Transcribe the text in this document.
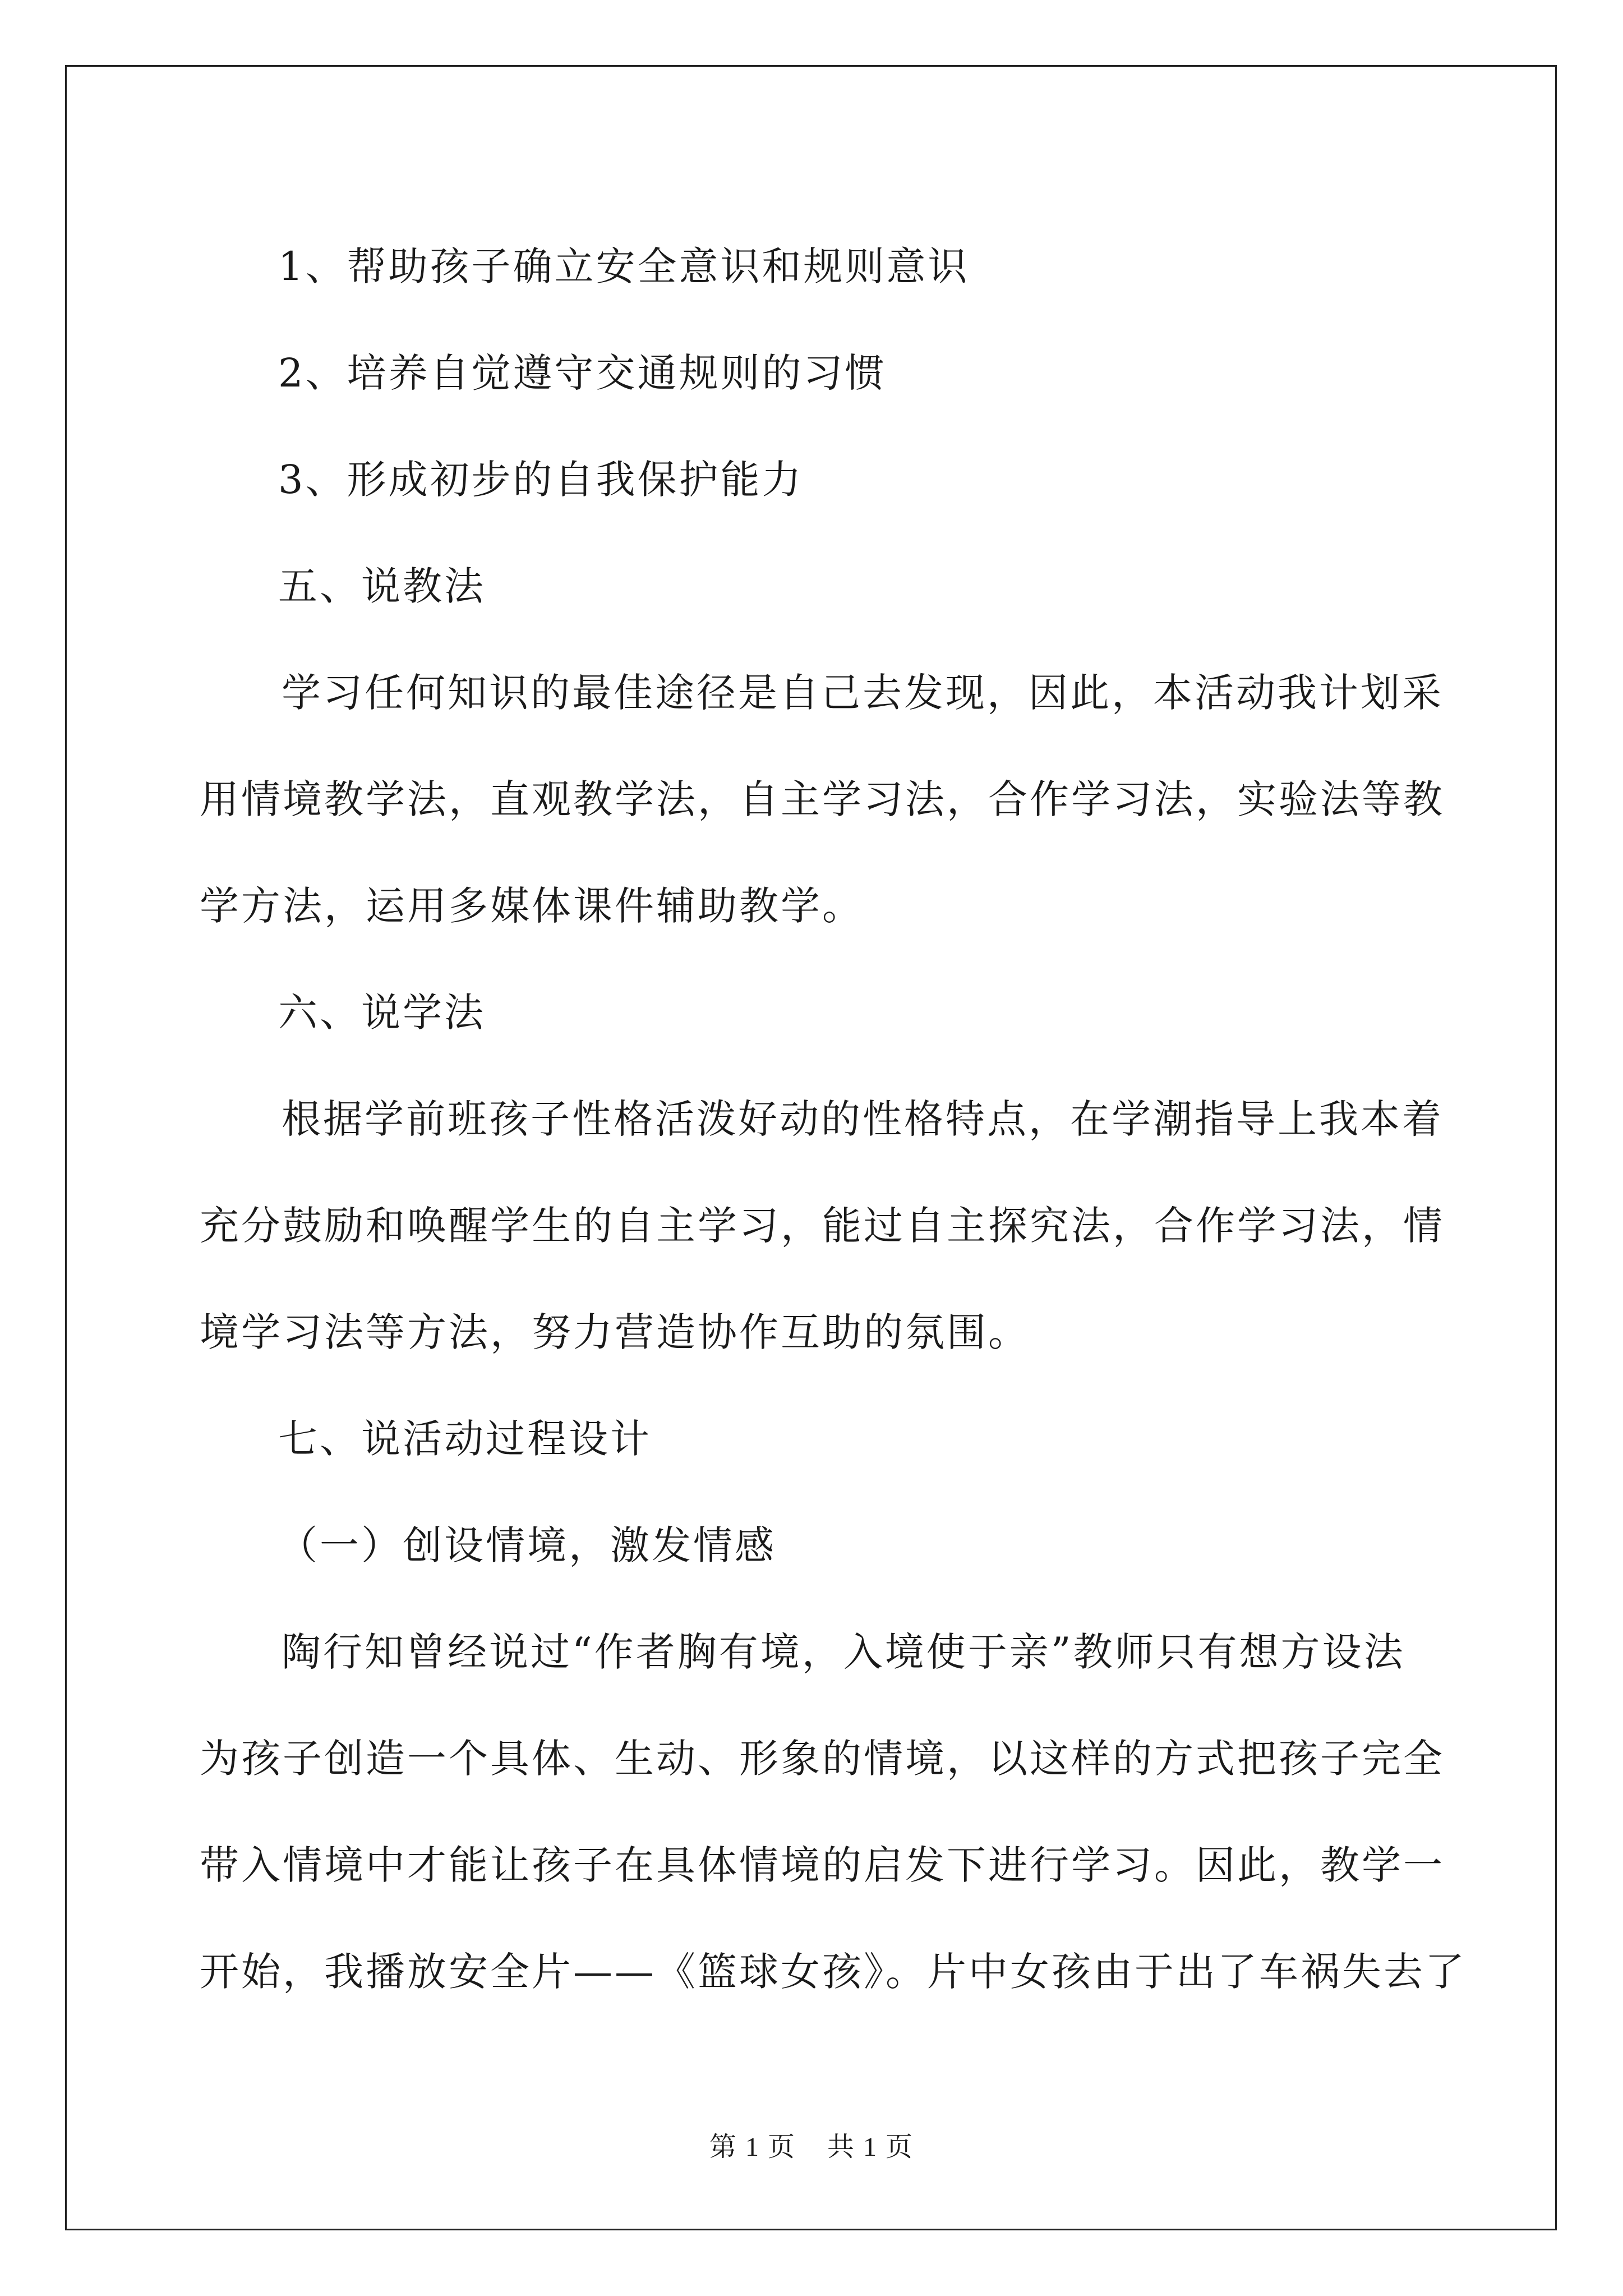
1、帮助孩子确立安全意识和规则意识
2、培养自觉遵守交通规则的习惯
3、形成初步的自我保护能力
五、说教法
学习任何知识的最佳途径是自己去发现，因此，本活动我计划采
用情境教学法，直观教学法，自主学习法，合作学习法，实验法等教
学方法，运用多媒体课件辅助教学。
六、说学法
根据学前班孩子性格活泼好动的性格特点，在学潮指导上我本着
充分鼓励和唤醒学生的自主学习，能过自主探究法，合作学习法，情
境学习法等方法，努力营造协作互助的氛围。
七、说活动过程设计
（一）创设情境，激发情感
陶行知曾经说过“作者胸有境，入境使于亲”教师只有想方设法
为孩子创造一个具体、生动、形象的情境，以这样的方式把孩子完全
带入情境中才能让孩子在具体情境的启发下进行学习。因此，教学一
开始，我播放安全片——《篮球女孩》。片中女孩由于出了车祸失去了
第 1 页 共 1 页
